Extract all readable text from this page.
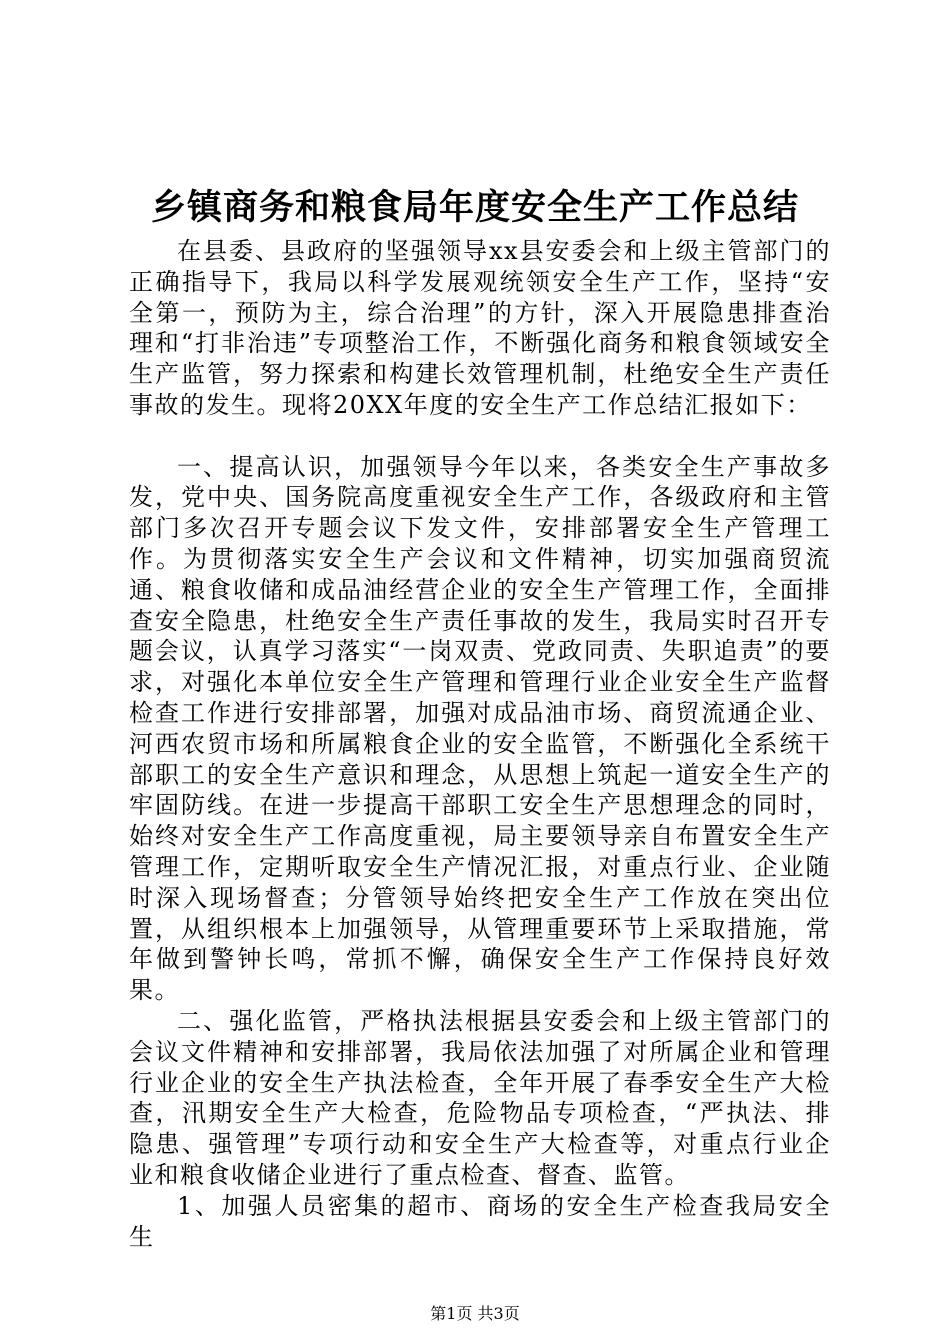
乡镇商务和粮食局年度安全生产工作总结

在县委、县政府的坚强领导xx县安委会和上级主管部门的正确指导下，我局以科学发展观统领安全生产工作，坚持“安全第一，预防为主，综合治理”的方针，深入开展隐患排查治理和“打非治违”专项整治工作，不断强化商务和粮食领域安全生产监管，努力探索和构建长效管理机制，杜绝安全生产责任事故的发生。现将20XX年度的安全生产工作总结汇报如下：

一、提高认识，加强领导今年以来，各类安全生产事故多发，党中央、国务院高度重视安全生产工作，各级政府和主管部门多次召开专题会议下发文件，安排部署安全生产管理工作。为贯彻落实安全生产会议和文件精神，切实加强商贸流通、粮食收储和成品油经营企业的安全生产管理工作，全面排查安全隐患，杜绝安全生产责任事故的发生，我局实时召开专题会议，认真学习落实“一岗双责、党政同责、失职追责”的要求，对强化本单位安全生产管理和管理行业企业安全生产监督检查工作进行安排部署，加强对成品油市场、商贸流通企业、河西农贸市场和所属粮食企业的安全监管，不断强化全系统干部职工的安全生产意识和理念，从思想上筑起一道安全生产的牢固防线。在进一步提高干部职工安全生产思想理念的同时，始终对安全生产工作高度重视，局主要领导亲自布置安全生产管理工作，定期听取安全生产情况汇报，对重点行业、企业随时深入现场督查；分管领导始终把安全生产工作放在突出位置，从组织根本上加强领导，从管理重要环节上采取措施，常年做到警钟长鸣，常抓不懈，确保安全生产工作保持良好效果。

二、强化监管，严格执法根据县安委会和上级主管部门的会议文件精神和安排部署，我局依法加强了对所属企业和管理行业企业的安全生产执法检查，全年开展了春季安全生产大检查，汛期安全生产大检查，危险物品专项检查，“严执法、排隐患、强管理”专项行动和安全生产大检查等，对重点行业企业和粮食收储企业进行了重点检查、督查、监管。

1、加强人员密集的超市、商场的安全生产检查我局安全生

第1页 共3页
